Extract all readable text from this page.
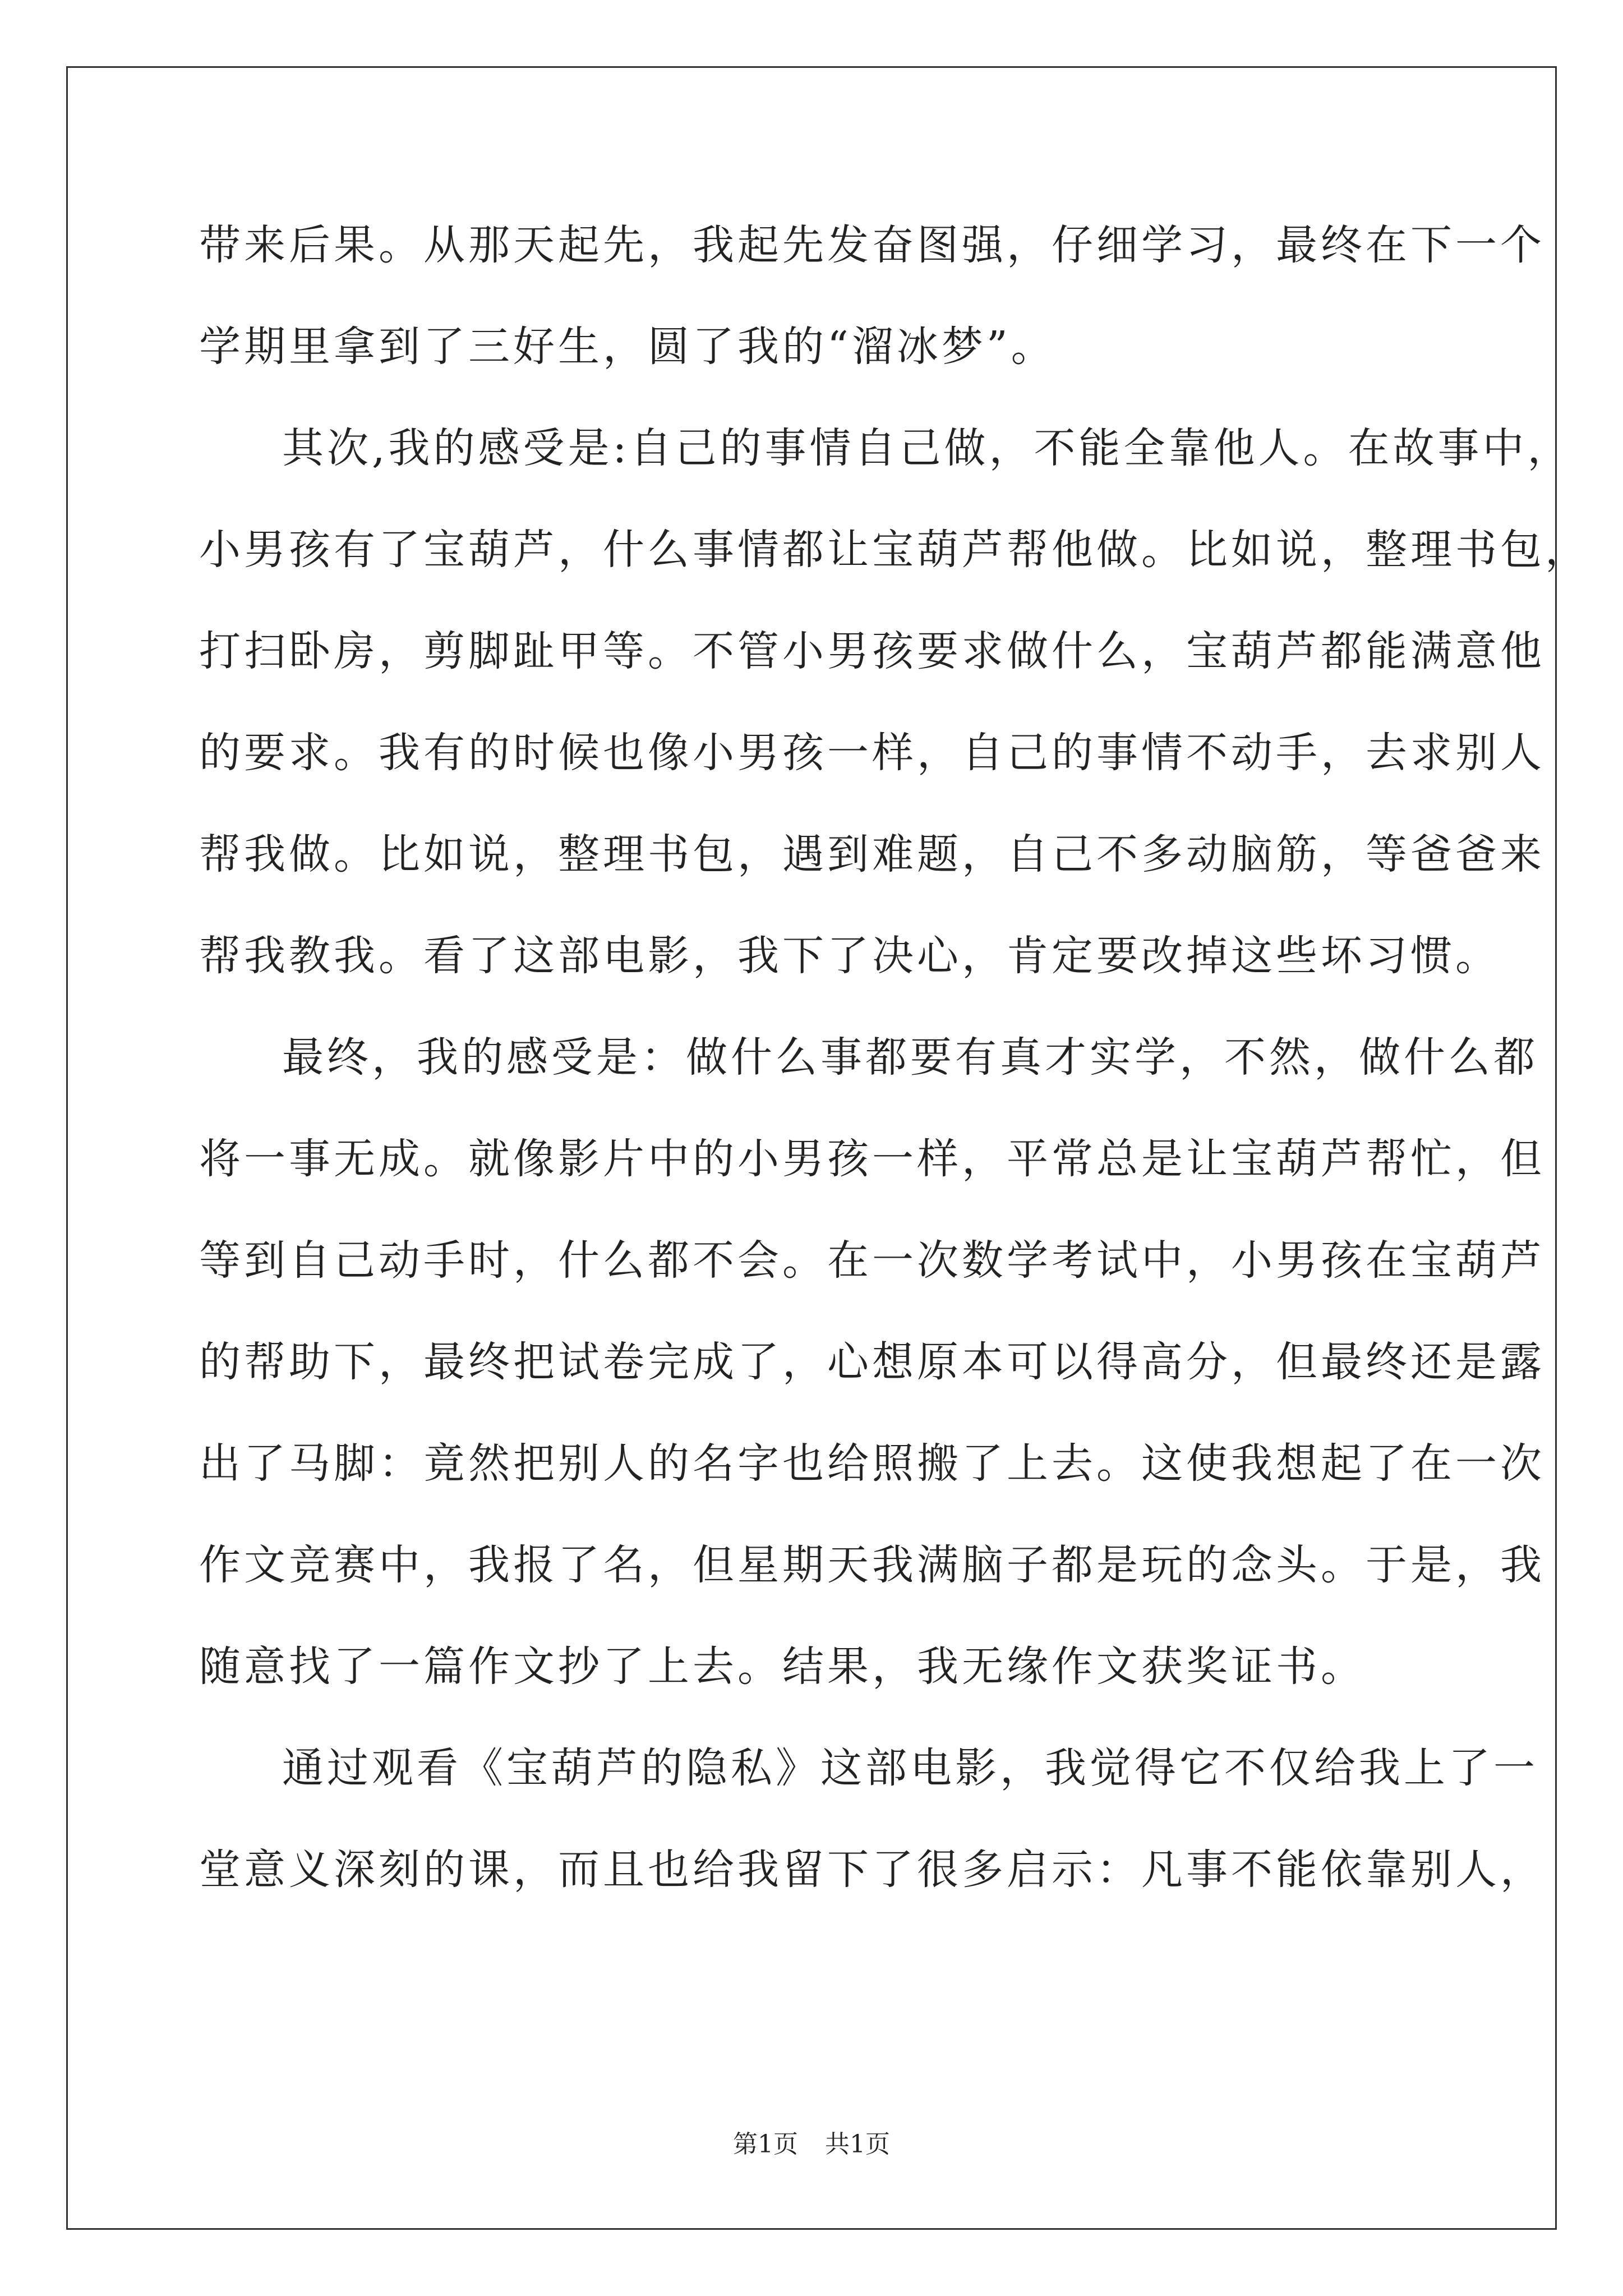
带来后果。从那天起先，我起先发奋图强，仔细学习，最终在下一个
学期里拿到了三好生，圆了我的“溜冰梦”。
其次,我的感受是:自己的事情自己做，不能全靠他人。在故事中，
小男孩有了宝葫芦，什么事情都让宝葫芦帮他做。比如说，整理书包，
打扫卧房，剪脚趾甲等。不管小男孩要求做什么，宝葫芦都能满意他
的要求。我有的时候也像小男孩一样，自己的事情不动手，去求别人
帮我做。比如说，整理书包，遇到难题，自己不多动脑筋，等爸爸来
帮我教我。看了这部电影，我下了决心，肯定要改掉这些坏习惯。
最终，我的感受是：做什么事都要有真才实学，不然，做什么都
将一事无成。就像影片中的小男孩一样，平常总是让宝葫芦帮忙，但
等到自己动手时，什么都不会。在一次数学考试中，小男孩在宝葫芦
的帮助下，最终把试卷完成了，心想原本可以得高分，但最终还是露
出了马脚：竟然把别人的名字也给照搬了上去。这使我想起了在一次
作文竞赛中，我报了名，但星期天我满脑子都是玩的念头。于是，我
随意找了一篇作文抄了上去。结果，我无缘作文获奖证书。
通过观看《宝葫芦的隐私》这部电影，我觉得它不仅给我上了一
堂意义深刻的课，而且也给我留下了很多启示：凡事不能依靠别人，
第1页 共1页
